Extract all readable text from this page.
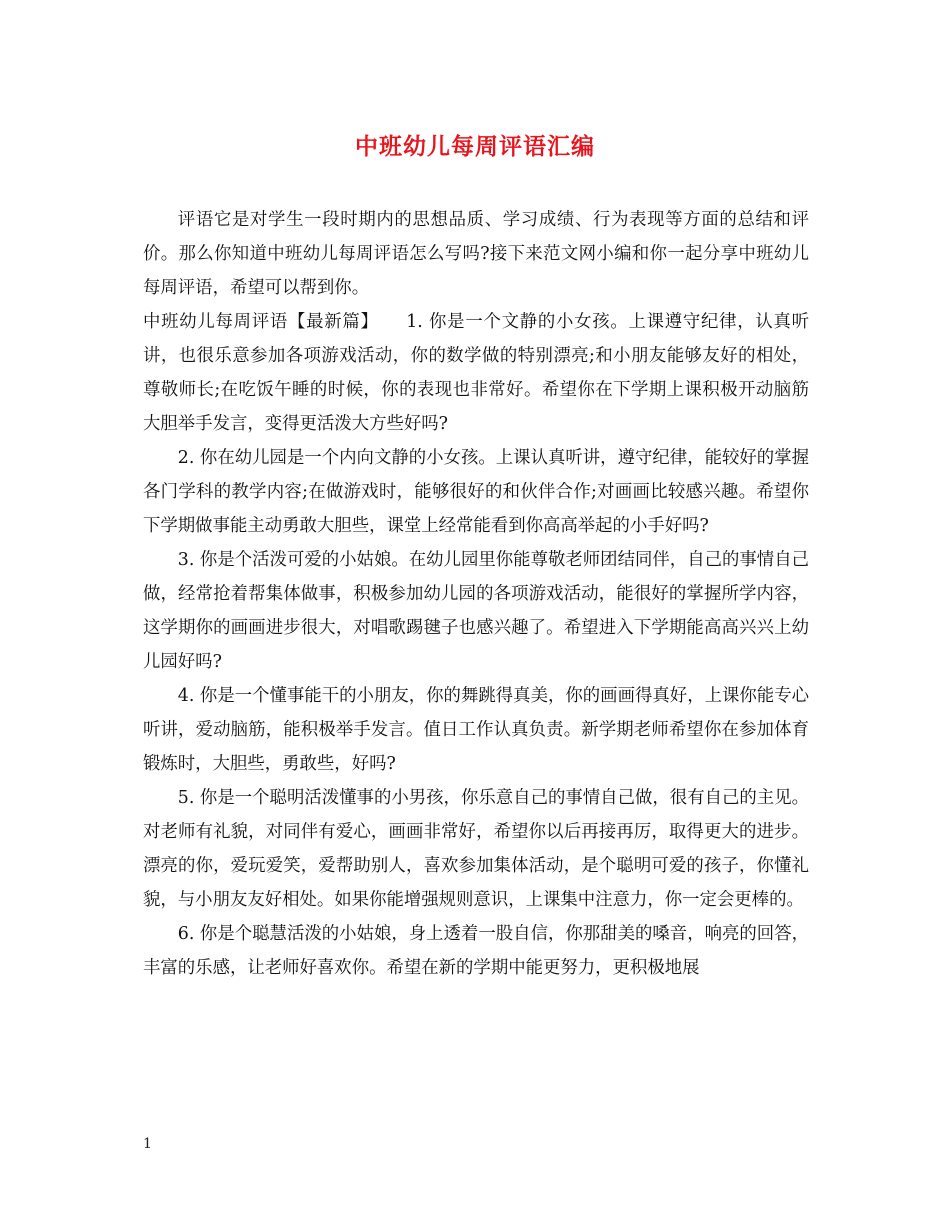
中班幼儿每周评语汇编

评语它是对学生一段时期内的思想品质、学习成绩、行为表现等方面的总结和评价。那么你知道中班幼儿每周评语怎么写吗?接下来范文网小编和你一起分享中班幼儿每周评语，希望可以帮到你。

中班幼儿每周评语【最新篇】　　1. 你是一个文静的小女孩。上课遵守纪律，认真听讲，也很乐意参加各项游戏活动，你的数学做的特别漂亮;和小朋友能够友好的相处，尊敬师长;在吃饭午睡的时候，你的表现也非常好。希望你在下学期上课积极开动脑筋大胆举手发言，变得更活泼大方些好吗?

2. 你在幼儿园是一个内向文静的小女孩。上课认真听讲，遵守纪律，能较好的掌握各门学科的教学内容;在做游戏时，能够很好的和伙伴合作;对画画比较感兴趣。希望你下学期做事能主动勇敢大胆些，课堂上经常能看到你高高举起的小手好吗?

3. 你是个活泼可爱的小姑娘。在幼儿园里你能尊敬老师团结同伴，自己的事情自己做，经常抢着帮集体做事，积极参加幼儿园的各项游戏活动，能很好的掌握所学内容，这学期你的画画进步很大，对唱歌踢毽子也感兴趣了。希望进入下学期能高高兴兴上幼儿园好吗?

4. 你是一个懂事能干的小朋友，你的舞跳得真美，你的画画得真好，上课你能专心听讲，爱动脑筋，能积极举手发言。值日工作认真负责。新学期老师希望你在参加体育锻炼时，大胆些，勇敢些，好吗?

5. 你是一个聪明活泼懂事的小男孩，你乐意自己的事情自己做，很有自己的主见。对老师有礼貌，对同伴有爱心，画画非常好，希望你以后再接再厉，取得更大的进步。 漂亮的你，爱玩爱笑，爱帮助别人，喜欢参加集体活动，是个聪明可爱的孩子，你懂礼貌，与小朋友友好相处。如果你能增强规则意识，上课集中注意力，你一定会更棒的。

6. 你是个聪慧活泼的小姑娘，身上透着一股自信，你那甜美的嗓音，响亮的回答，丰富的乐感，让老师好喜欢你。希望在新的学期中能更努力，更积极地展

1
